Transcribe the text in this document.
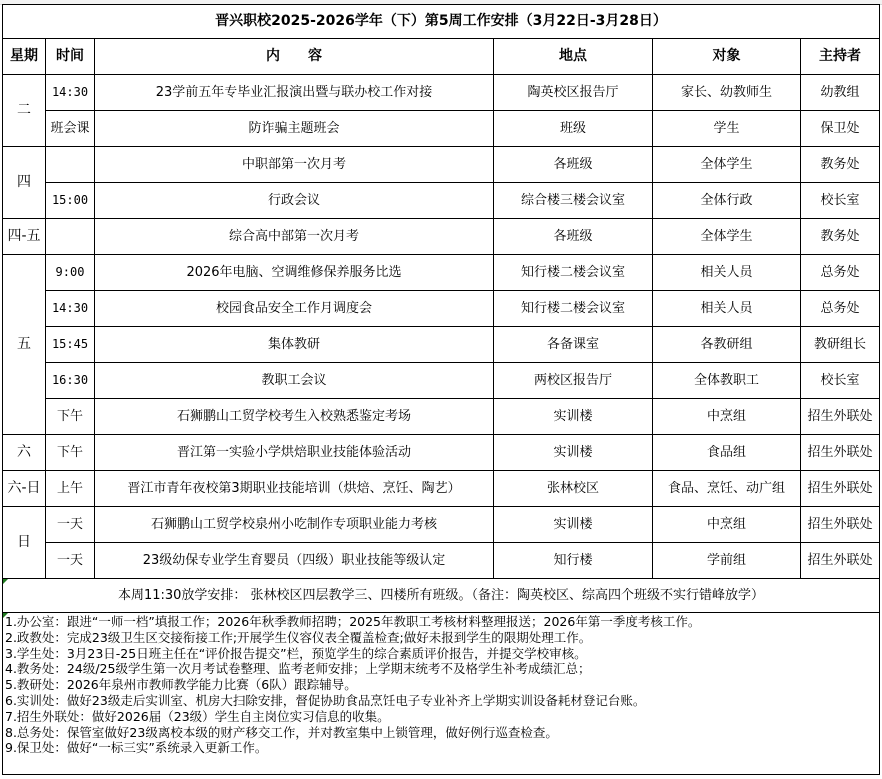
晋兴职校2025-2026学年（下）第5周工作安排（3月22日-3月28日）					
星期	时间	内　　容	地点	对象	主持者
二	14:30	23学前五年专毕业汇报演出暨与联办校工作对接	陶英校区报告厅	家长、幼教师生	幼教组
	班会课	防诈骗主题班会	班级	学生	保卫处
四		中职部第一次月考	各班级	全体学生	教务处
	15:00	行政会议	综合楼三楼会议室	全体行政	校长室
四-五		综合高中部第一次月考	各班级	全体学生	教务处
五	9:00	2026年电脑、空调维修保养服务比选	知行楼二楼会议室	相关人员	总务处
	14:30	校园食品安全工作月调度会	知行楼二楼会议室	相关人员	总务处
	15:45	集体教研	各备课室	各教研组	教研组长
	16:30	教职工会议	两校区报告厅	全体教职工	校长室
	下午	石狮鹏山工贸学校考生入校熟悉鉴定考场	实训楼	中烹组	招生外联处
六	下午	晋江第一实验小学烘焙职业技能体验活动	实训楼	食品组	招生外联处
六-日	上午	晋江市青年夜校第3期职业技能培训（烘焙、烹饪、陶艺）	张林校区	食品、烹饪、动广组	招生外联处
日	一天	石狮鹏山工贸学校泉州小吃制作专项职业能力考核	实训楼	中烹组	招生外联处
	一天	23级幼保专业学生育婴员（四级）职业技能等级认定	知行楼	学前组	招生外联处
本周11:30放学安排： 张林校区四层教学三、四楼所有班级。（备注：陶英校区、综高四个班级不实行错峰放学）					

1.办公室：跟进“一师一档”填报工作；2026年秋季教师招聘；2025年教职工考核材料整理报送；2026年第一季度考核工作。
2.政教处：完成23级卫生区交接衔接工作;开展学生仪容仪表全覆盖检查;做好未报到学生的限期处理工作。
3.学生处：3月23日-25日班主任在“评价报告提交”栏，预览学生的综合素质评价报告，并提交学校审核。
4.教务处：24级/25级学生第一次月考试卷整理、监考老师安排；上学期末统考不及格学生补考成绩汇总；
5.教研处：2026年泉州市教师教学能力比赛（6队）跟踪辅导。
6.实训处：做好23级走后实训室、机房大扫除安排，督促协助食品烹饪电子专业补齐上学期实训设备耗材登记台账。
7.招生外联处：做好2026届（23级）学生自主岗位实习信息的收集。
8.总务处：保管室做好23级离校本级的财产移交工作，并对教室集中上锁管理，做好例行巡查检查。
9.保卫处：做好“一标三实”系统录入更新工作。
